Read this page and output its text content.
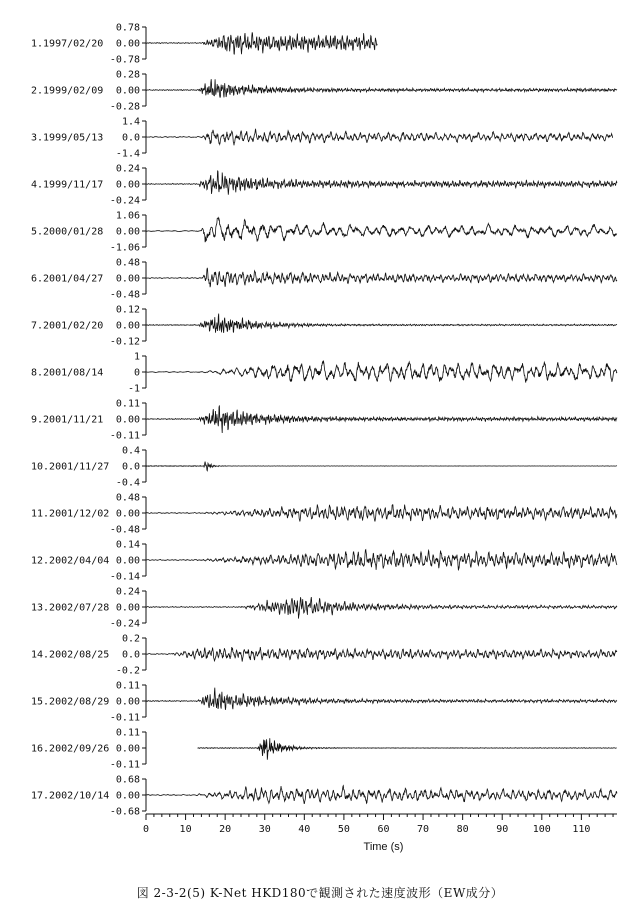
0.78
0.00
-0.78
1.1997/02/20
0.28
0.00
-0.28
2.1999/02/09
1.4
0.0
-1.4
3.1999/05/13
0.24
0.00
-0.24
4.1999/11/17
1.06
0.00
-1.06
5.2000/01/28
0.48
0.00
-0.48
6.2001/04/27
0.12
0.00
-0.12
7.2001/02/20
1
0
-1
8.2001/08/14
0.11
0.00
-0.11
9.2001/11/21
0.4
0.0
-0.4
10.2001/11/27
0.48
0.00
-0.48
11.2001/12/02
0.14
0.00
-0.14
12.2002/04/04
0.24
0.00
-0.24
13.2002/07/28
0.2
0.0
-0.2
14.2002/08/25
0.11
0.00
-0.11
15.2002/08/29
0.11
0.00
-0.11
16.2002/09/26
0.68
0.00
-0.68
17.2002/10/14
0	10	20	30	40	50	60	70	80	90 100 110
Time (s)
図 2-3-2(5) K-Net HKD180で観測された速度波形（EW成分）
